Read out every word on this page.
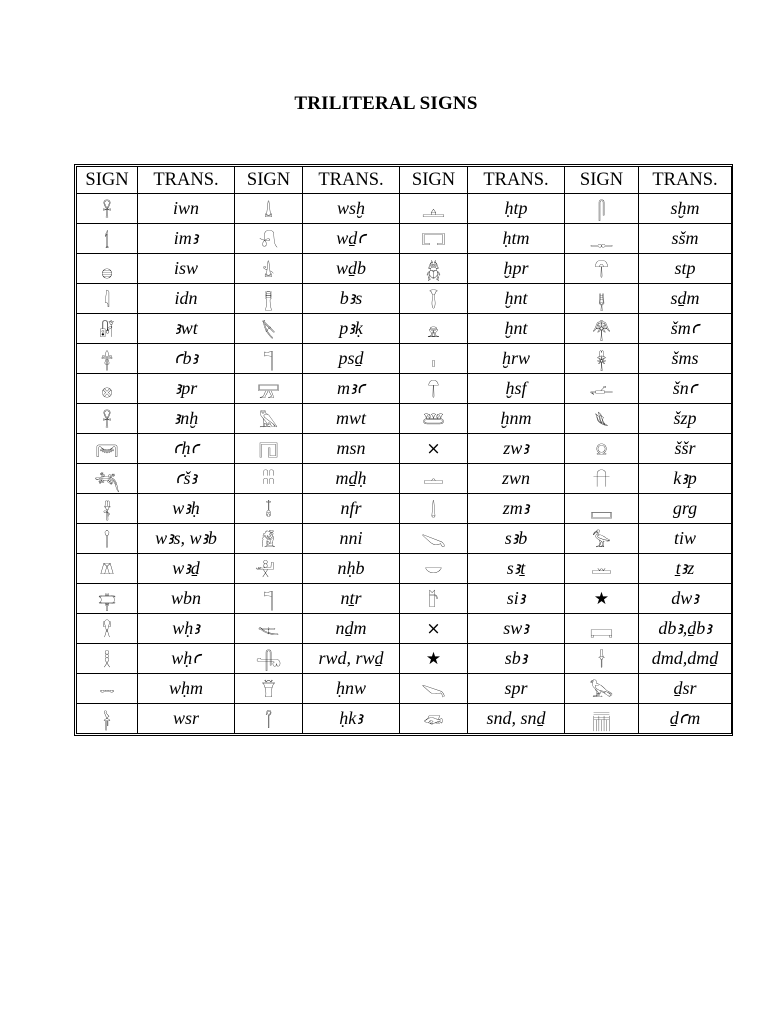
TRILITERAL SIGNS
SIGN	TRANS.	SIGN	TRANS.	SIGN	TRANS.	SIGN	TRANS.
𓋹	iwn	𓍑	wsḫ	𓊵	ḥtp	𓋴	sḫm
𓌀	imꜣ	𓍯	wḏꜥ	𓉐	ḥtm	𓊃	sšm
𓐍	isw	𓍓	wḏb	𓆣	ḫpr	𓋻	stp
𓇋	idn	𓊽	bꜣs	𓇅	ḫnt	𓊢	sḏm
𓏞	ꜣwt	𓌸	pꜣḳ	𓁷	ḫnt	𓋇	šmꜥ
𓋁	ꜥbꜣ	𓊹	psḏ	𓏤	ḫrw	𓋈	šms
𓊖	ꜣpr	𓈝	mꜣꜥ	𓋼	ḫsf	𓌡	šnꜥ
𓋹	ꜣnḫ	𓅓	mwt	𓆷	ḫnm	𓆰	šzp
𓋞	ꜥḥꜥ	𓉔	msn	×	zwꜣ	𓍶	ššr
𓆈	ꜥšꜣ	𓎉	mḏḥ	𓏝	zwn	𓎅	kꜣp
𓋂	wꜣḥ	𓄤	nfr	𓌃	zmꜣ	𓈙	grg
𓌉	wꜣs, wꜣb	𓀆	nni	𓌫	sꜣb	𓅞	tiw
𓌨	wꜣḏ	𓎜	nḥb	𓎟	sꜣṯ	𓏛	ṯꜣz
𓊡	wbn	𓊹	nṯr	𓎨	siꜣ	★	dwꜣ
𓎃	wḥꜣ	𓌻	nḏm	×	swꜣ	𓊬	dbꜣ,ḏbꜣ
𓎛	wḥꜥ	𓂹	rwd, rwḏ	★	sbꜣ	𓌂	dmd,dmḏ
𓌓	wḥm	𓎯	ḥnw	𓌪	spr	𓅂	ḏsr
𓋀	wsr	𓋾	ḥkꜣ	𓆛	snd, snḏ	𓊁	ḏꜥm
